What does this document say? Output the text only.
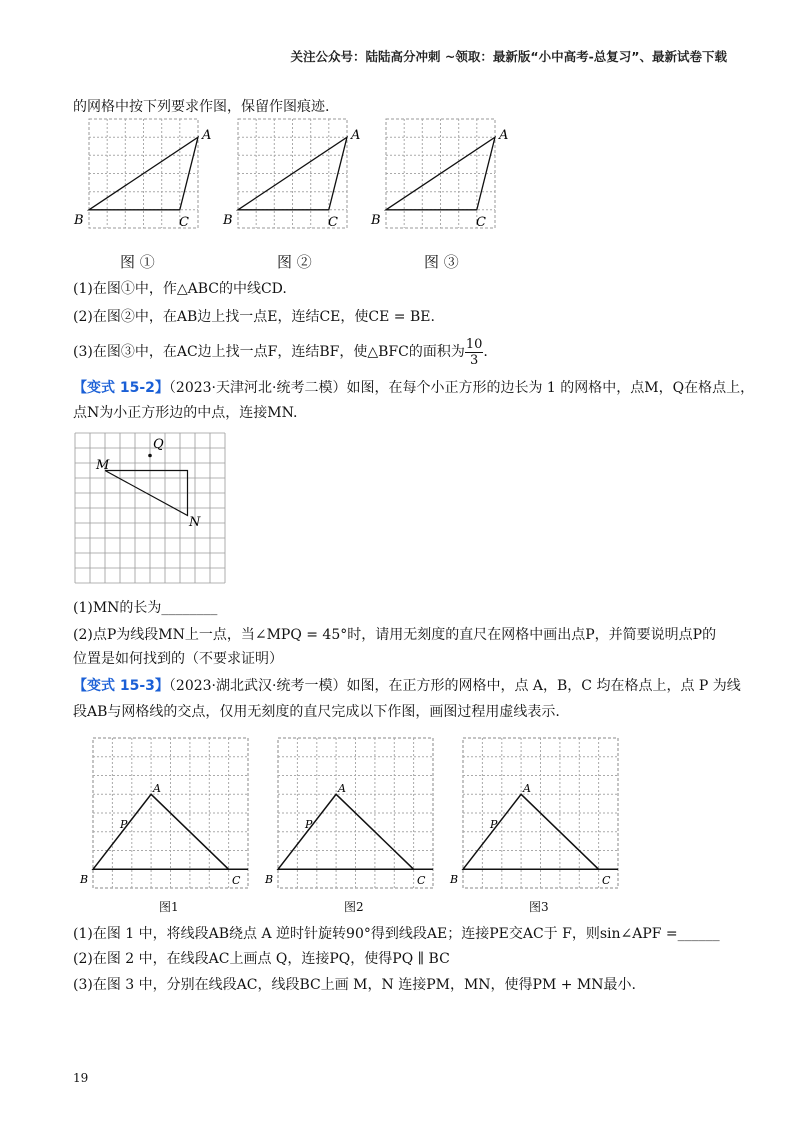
关注公众号：陆陆高分冲刺 ~领取：最新版“小中高考-总复习”、最新试卷下载
的网格中按下列要求作图，保留作图痕迹.
A
B	C
A
B	C
A
B	C
图 ①	图 ②	图 ③
(1)在图①中，作△ABC的中线CD.
(2)在图②中，在AB边上找一点E，连结CE，使CE = BE.
(3)在图③中，在AC边上找一点F，连结BF，使△BFC的面积为 $\frac{10}{3}$ .
【变式 15-2】（2023·天津河北·统考二模）如图，在每个小正方形的边长为 1 的网格中，点M，Q在格点上，
点N为小正方形边的中点，连接MN.
M
N
Q
(1)MN的长为________
(2)点P为线段MN上一点，当∠MPQ = 45°时，请用无刻度的直尺在网格中画出点P，并简要说明点P的
位置是如何找到的（不要求证明）
【变式 15-3】（2023·湖北武汉·统考一模）如图，在正方形的网格中，点 A，B，C 均在格点上，点 P 为线
段AB与网格线的交点，仅用无刻度的直尺完成以下作图，画图过程用虚线表示.
A
B	C
P
A
B	C
P
A
B	C
P
图1	图2	图3
(1)在图 1 中，将线段AB绕点 A 逆时针旋转90°得到线段AE；连接PE交AC于 F，则sin∠APF =______
(2)在图 2 中，在线段AC上画点 Q，连接PQ，使得PQ ∥ BC
(3)在图 3 中，分别在线段AC，线段BC上画 M，N 连接PM，MN，使得PM + MN最小.
19
